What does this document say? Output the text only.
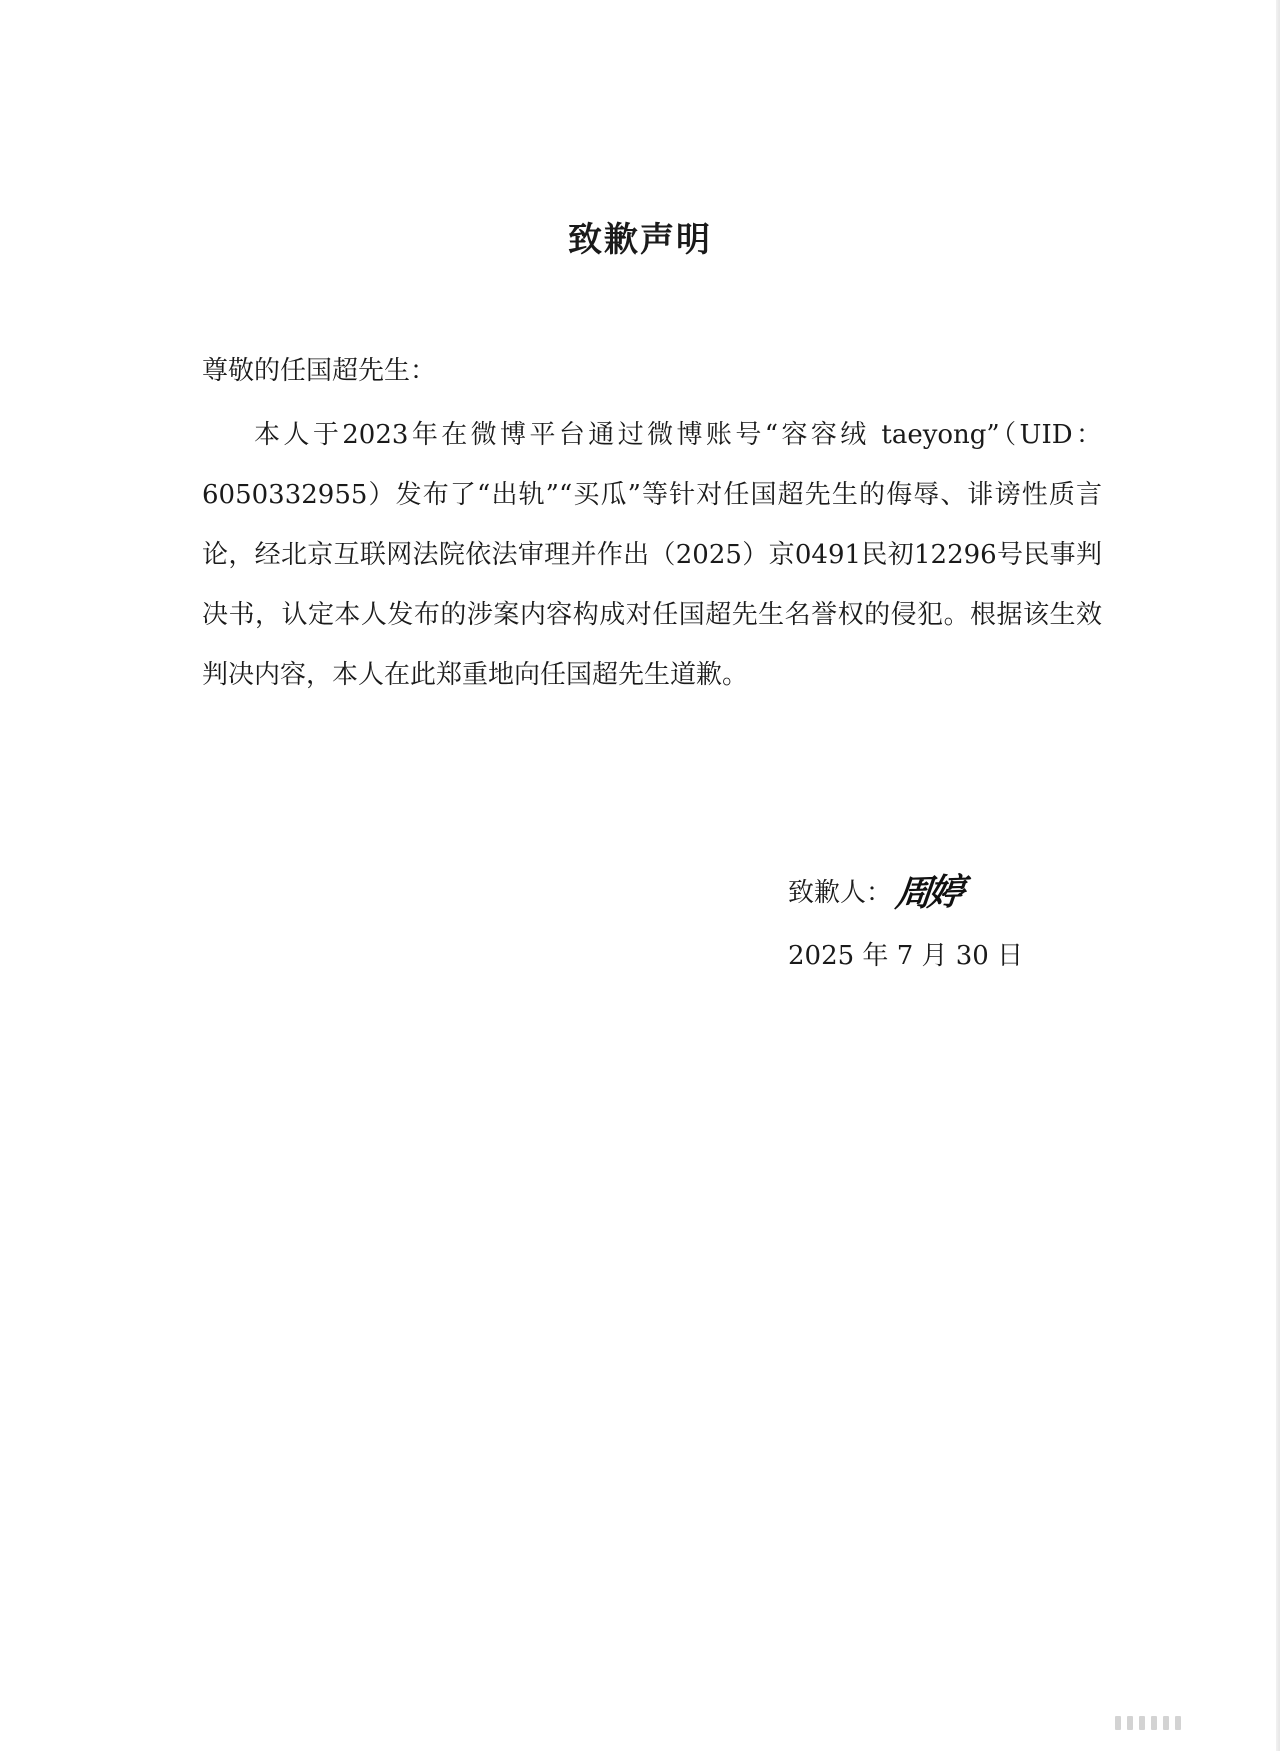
致歉声明

尊敬的任国超先生：

本人于2023年在微博平台通过微博账号“容容绒 taeyong”（UID：6050332955）发布了“出轨”“买瓜”等针对任国超先生的侮辱、诽谤性质言论，经北京互联网法院依法审理并作出（2025）京0491民初12296号民事判决书，认定本人发布的涉案内容构成对任国超先生名誉权的侵犯。根据该生效判决内容，本人在此郑重地向任国超先生道歉。

致歉人： 周婷
2025 年 7 月 30 日
